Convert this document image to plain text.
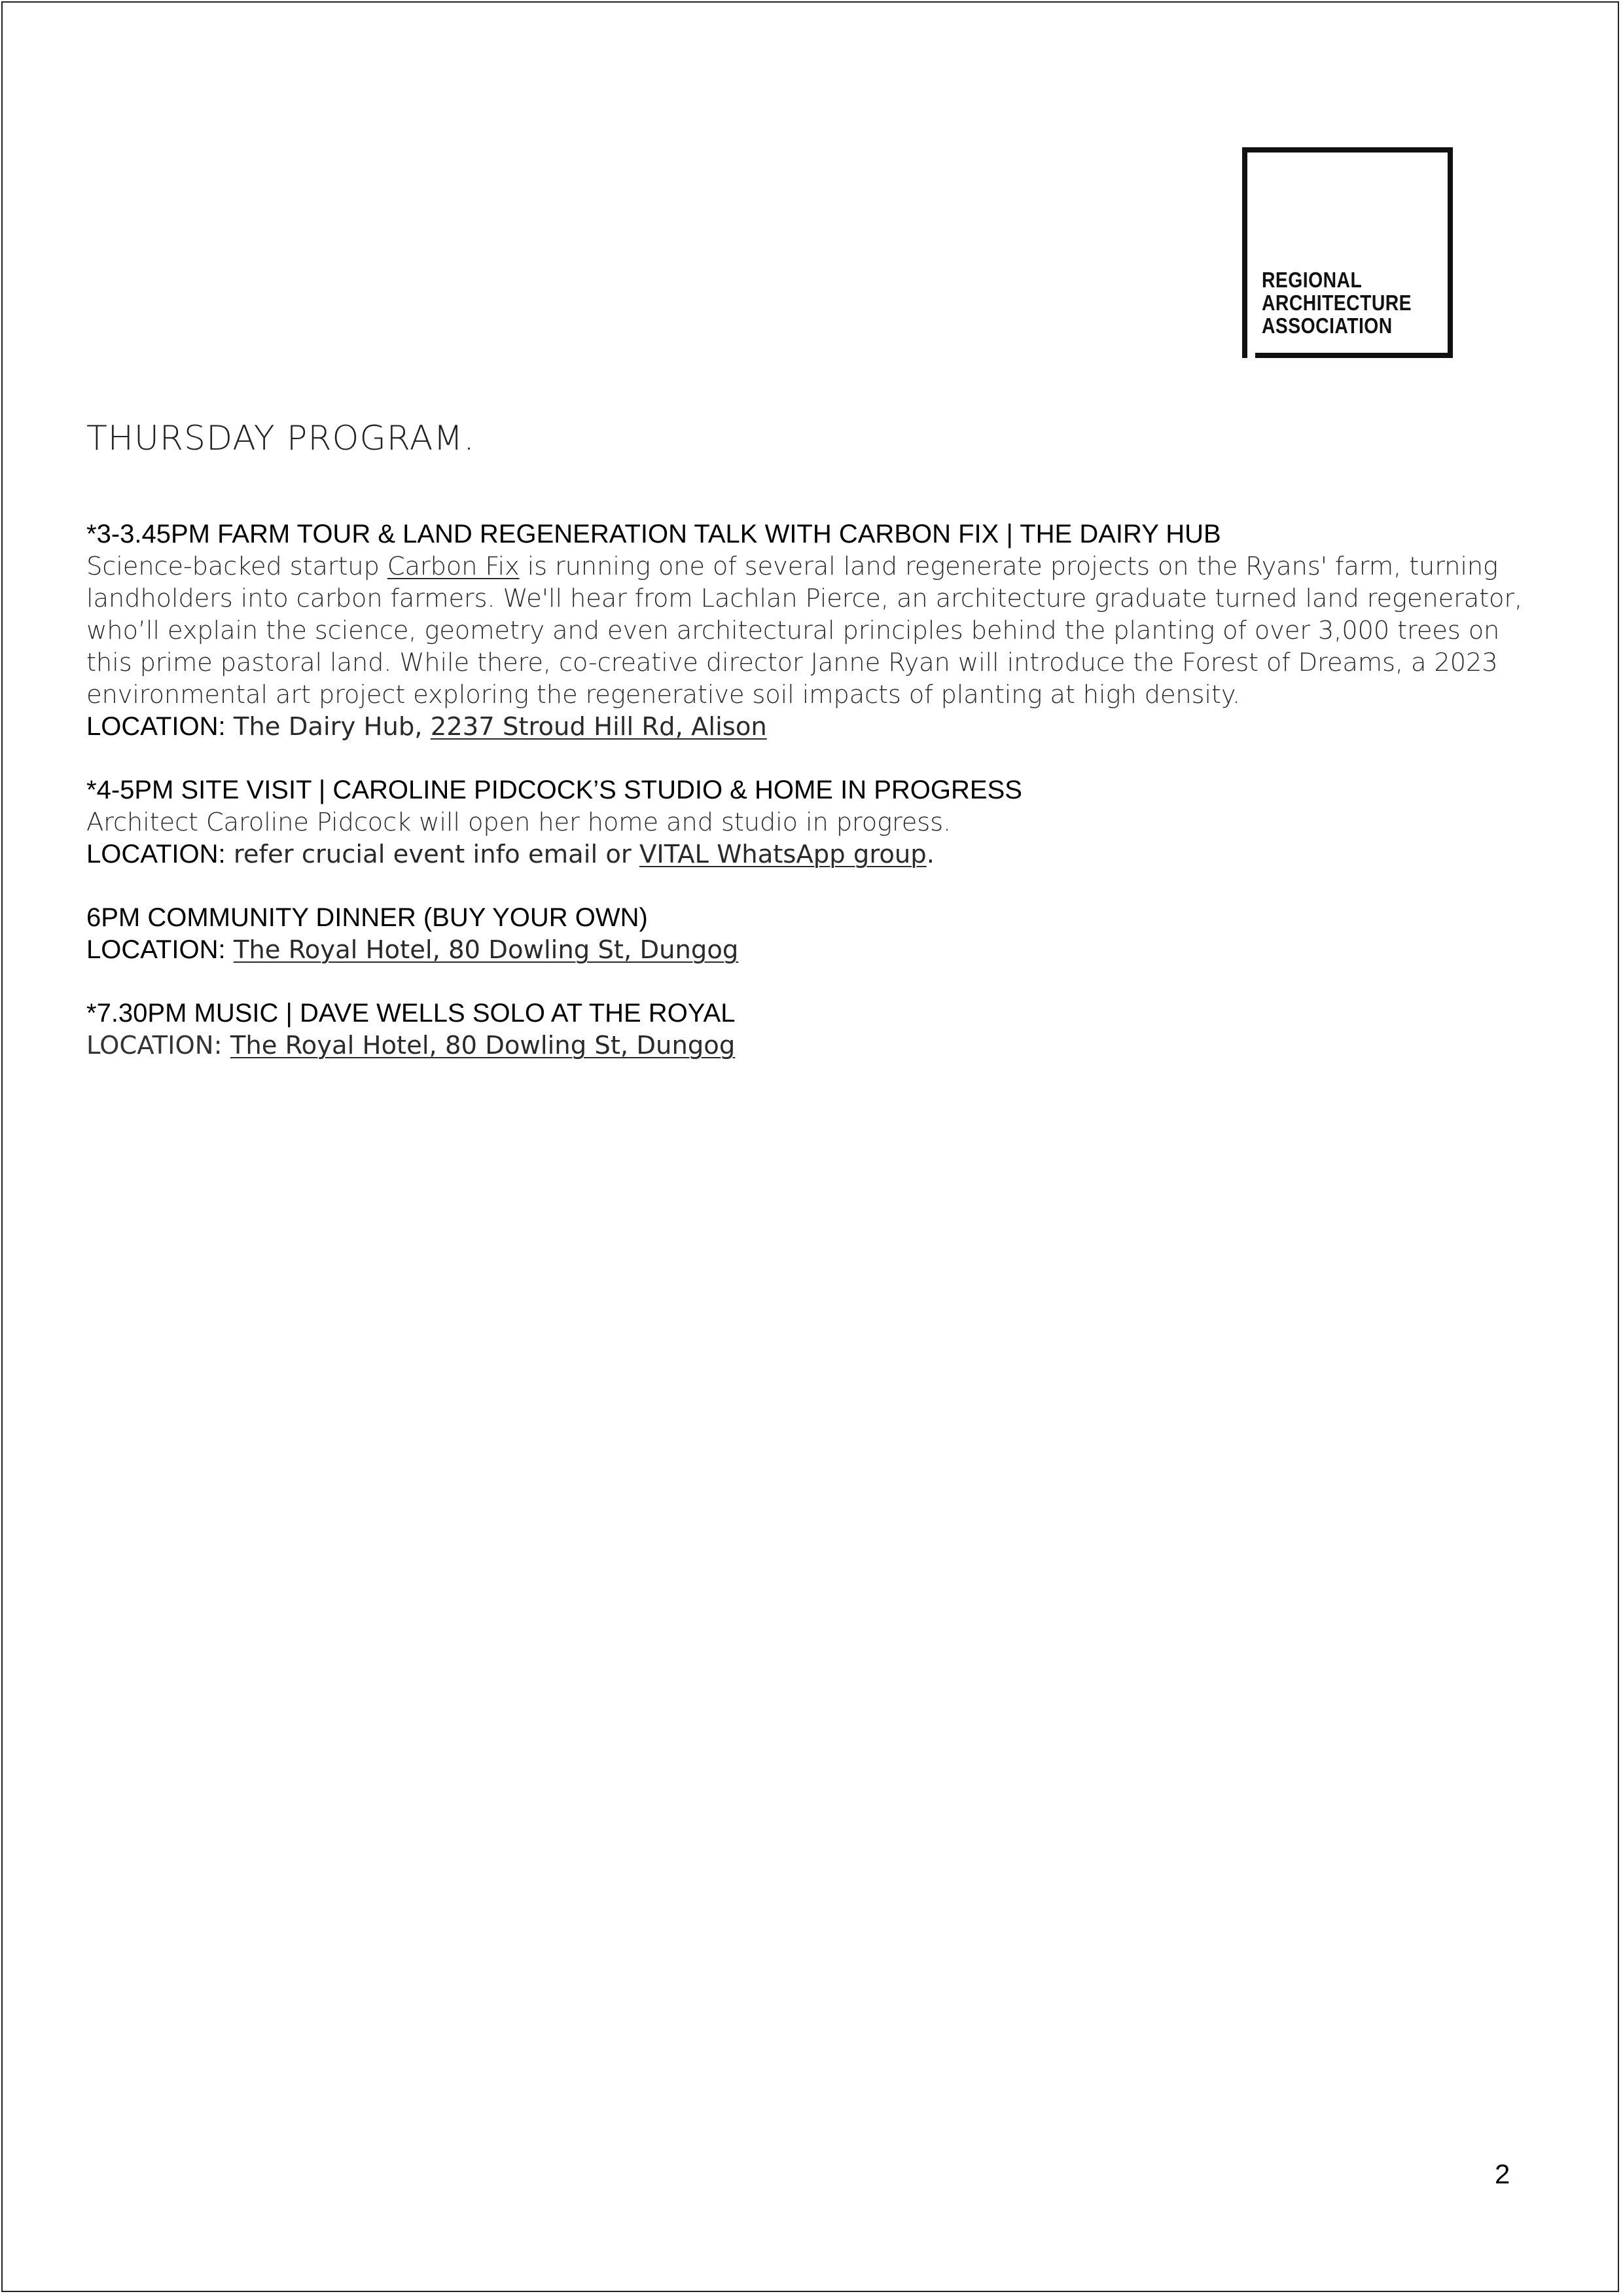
REGIONAL
ARCHITECTURE
ASSOCIATION
THURSDAY PROGRAM.
*3-3.45PM FARM TOUR & LAND REGENERATION TALK WITH CARBON FIX | THE DAIRY HUB
Science-backed startup Carbon Fix is running one of several land regenerate projects on the Ryans' farm, turning landholders into carbon farmers. We'll hear from Lachlan Pierce, an architecture graduate turned land regenerator, who’ll explain the science, geometry and even architectural principles behind the planting of over 3,000 trees on this prime pastoral land. While there, co-creative director Janne Ryan will introduce the Forest of Dreams, a 2023 environmental art project exploring the regenerative soil impacts of planting at high density.
LOCATION: The Dairy Hub, 2237 Stroud Hill Rd, Alison
*4-5PM SITE VISIT | CAROLINE PIDCOCK’S STUDIO & HOME IN PROGRESS
Architect Caroline Pidcock will open her home and studio in progress.
LOCATION: refer crucial event info email or VITAL WhatsApp group.
6PM COMMUNITY DINNER (BUY YOUR OWN)
LOCATION: The Royal Hotel, 80 Dowling St, Dungog
*7.30PM MUSIC | DAVE WELLS SOLO AT THE ROYAL
LOCATION: The Royal Hotel, 80 Dowling St, Dungog
2
